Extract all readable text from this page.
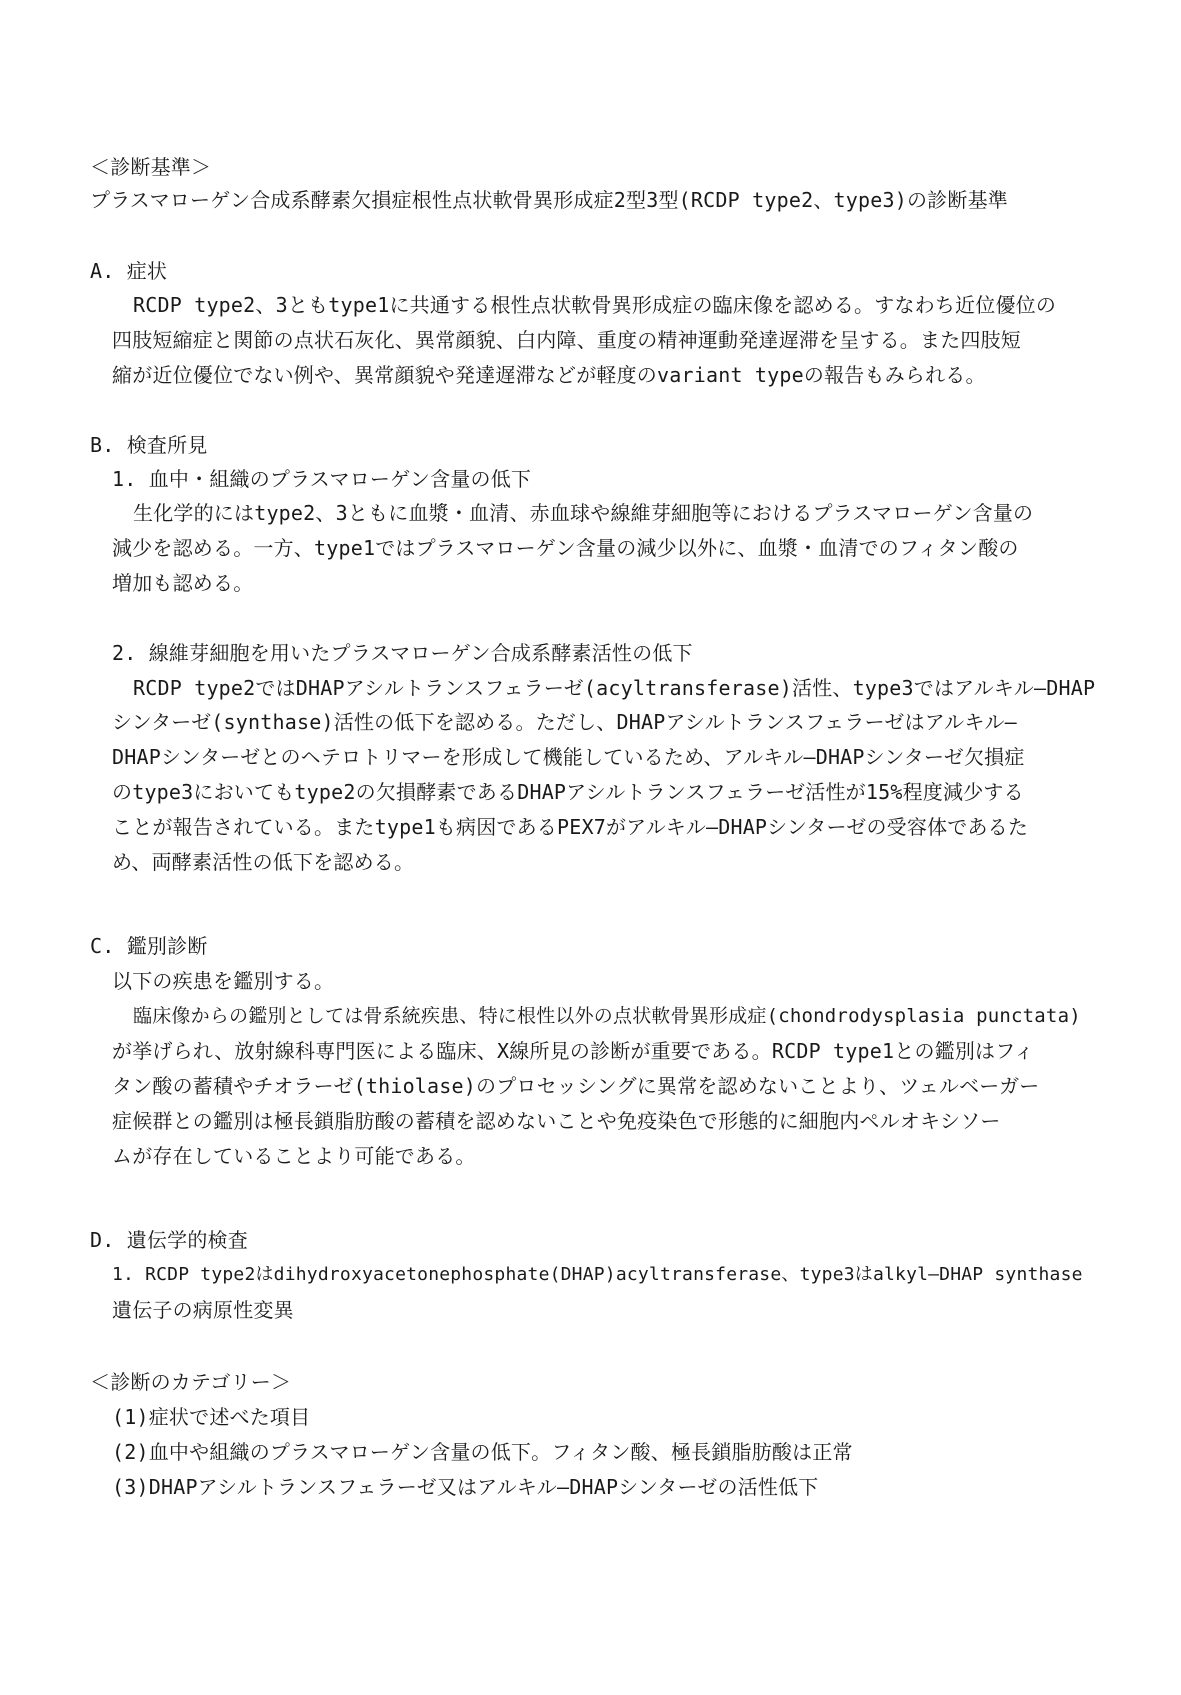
＜診断基準＞
プラスマローゲン合成系酵素欠損症根性点状軟骨異形成症2型3型(RCDP type2、type3)の診断基準
A. 症状
RCDP type2、3ともtype1に共通する根性点状軟骨異形成症の臨床像を認める。すなわち近位優位の
四肢短縮症と関節の点状石灰化、異常顔貌、白内障、重度の精神運動発達遅滞を呈する。また四肢短
縮が近位優位でない例や、異常顔貌や発達遅滞などが軽度のvariant typeの報告もみられる。
B. 検査所見
1. 血中・組織のプラスマローゲン含量の低下
生化学的にはtype2、3ともに血漿・血清、赤血球や線維芽細胞等におけるプラスマローゲン含量の
減少を認める。一方、type1ではプラスマローゲン含量の減少以外に、血漿・血清でのフィタン酸の
増加も認める。
2. 線維芽細胞を用いたプラスマローゲン合成系酵素活性の低下
RCDP type2ではDHAPアシルトランスフェラーゼ(acyltransferase)活性、type3ではアルキル―DHAP
シンターゼ(synthase)活性の低下を認める。ただし、DHAPアシルトランスフェラーゼはアルキル―
DHAPシンターゼとのヘテロトリマーを形成して機能しているため、アルキル―DHAPシンターゼ欠損症
のtype3においてもtype2の欠損酵素であるDHAPアシルトランスフェラーゼ活性が15%程度減少する
ことが報告されている。またtype1も病因であるPEX7がアルキル―DHAPシンターゼの受容体であるた
め、両酵素活性の低下を認める。
C. 鑑別診断
以下の疾患を鑑別する。
臨床像からの鑑別としては骨系統疾患、特に根性以外の点状軟骨異形成症(chondrodysplasia punctata)
が挙げられ、放射線科専門医による臨床、X線所見の診断が重要である。RCDP type1との鑑別はフィ
タン酸の蓄積やチオラーゼ(thiolase)のプロセッシングに異常を認めないことより、ツェルベーガー
症候群との鑑別は極長鎖脂肪酸の蓄積を認めないことや免疫染色で形態的に細胞内ペルオキシソー
ムが存在していることより可能である。
D. 遺伝学的検査
1. RCDP type2はdihydroxyacetonephosphate(DHAP)acyltransferase、type3はalkyl―DHAP synthase
遺伝子の病原性変異
＜診断のカテゴリー＞
(1)症状で述べた項目
(2)血中や組織のプラスマローゲン含量の低下。フィタン酸、極長鎖脂肪酸は正常
(3)DHAPアシルトランスフェラーゼ又はアルキル―DHAPシンターゼの活性低下
